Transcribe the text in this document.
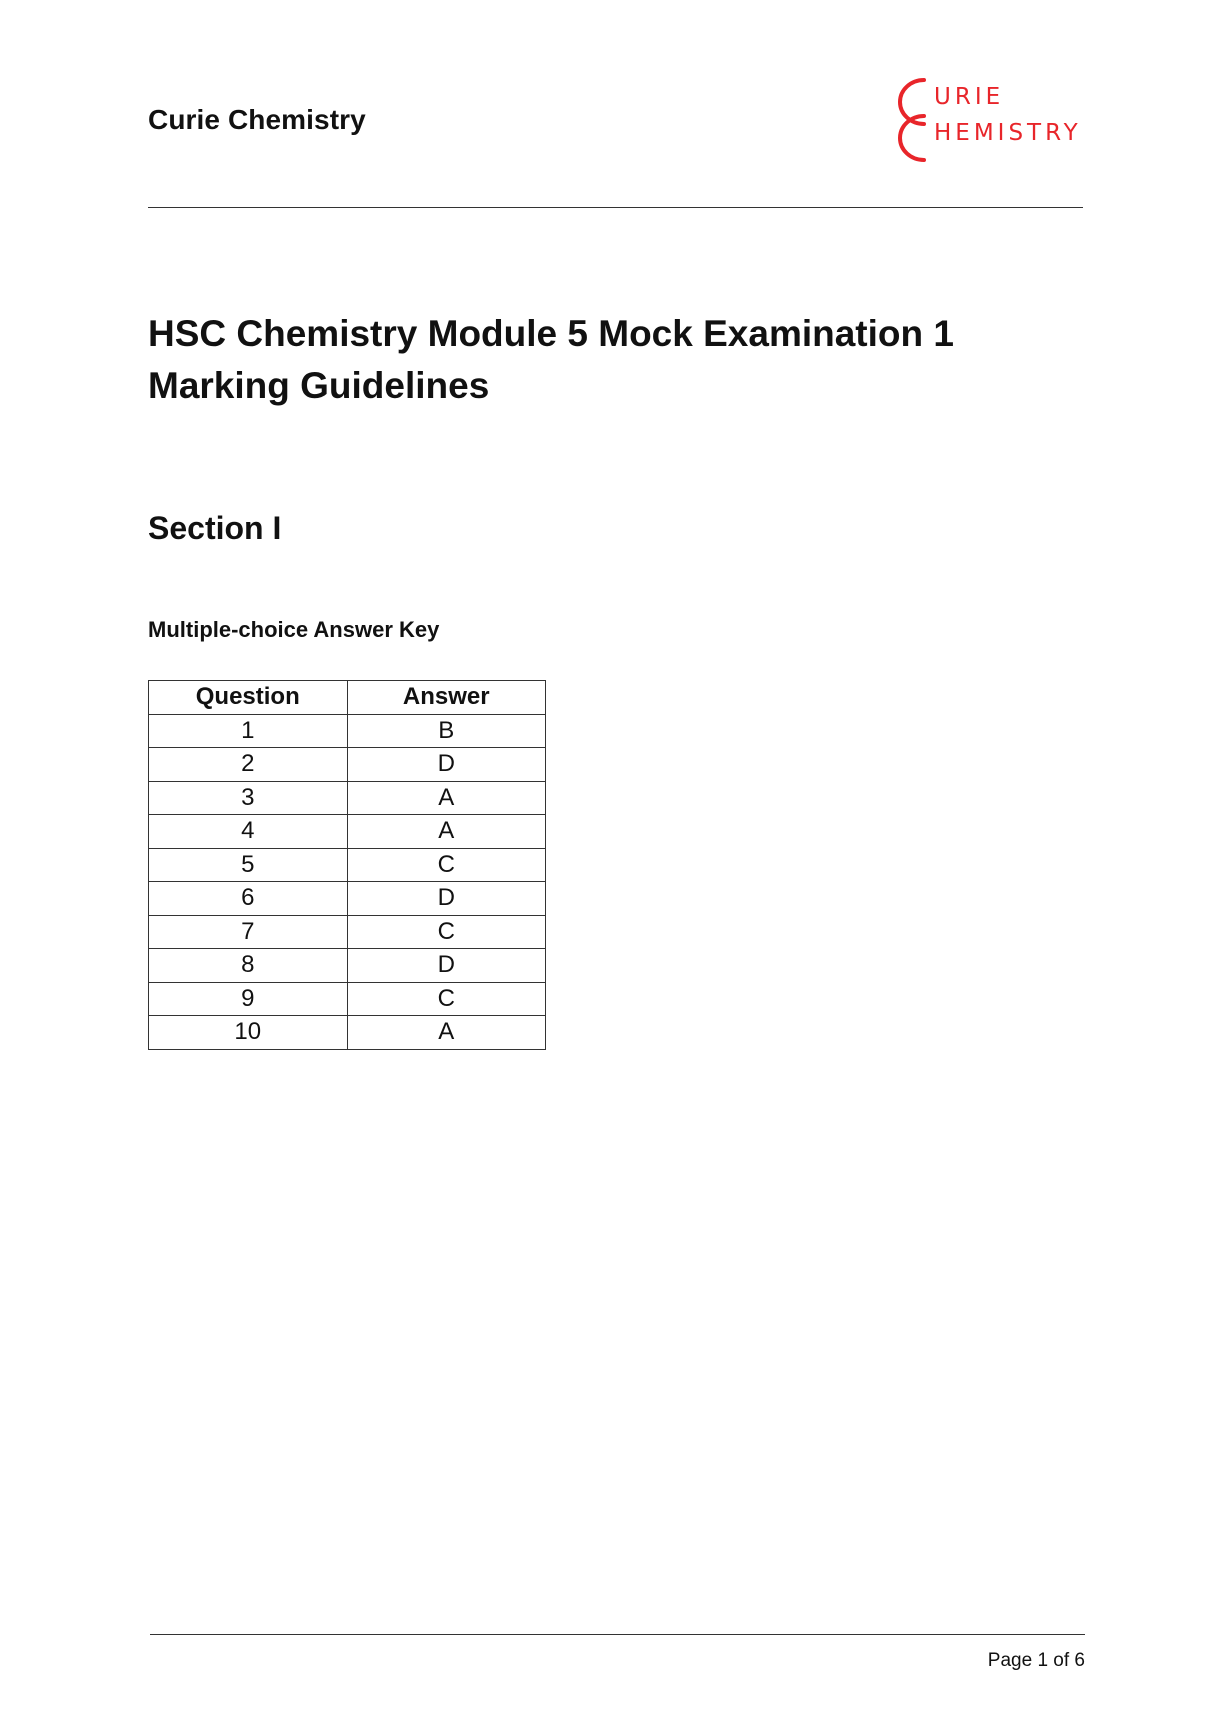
Curie Chemistry
URIE
HEMISTRY
HSC Chemistry Module 5 Mock Examination 1
Marking Guidelines
Section I
Multiple-choice Answer Key
Question	Answer
1	B
2	D
3	A
4	A
5	C
6	D
7	C
8	D
9	C
10	A
Page 1 of 6
